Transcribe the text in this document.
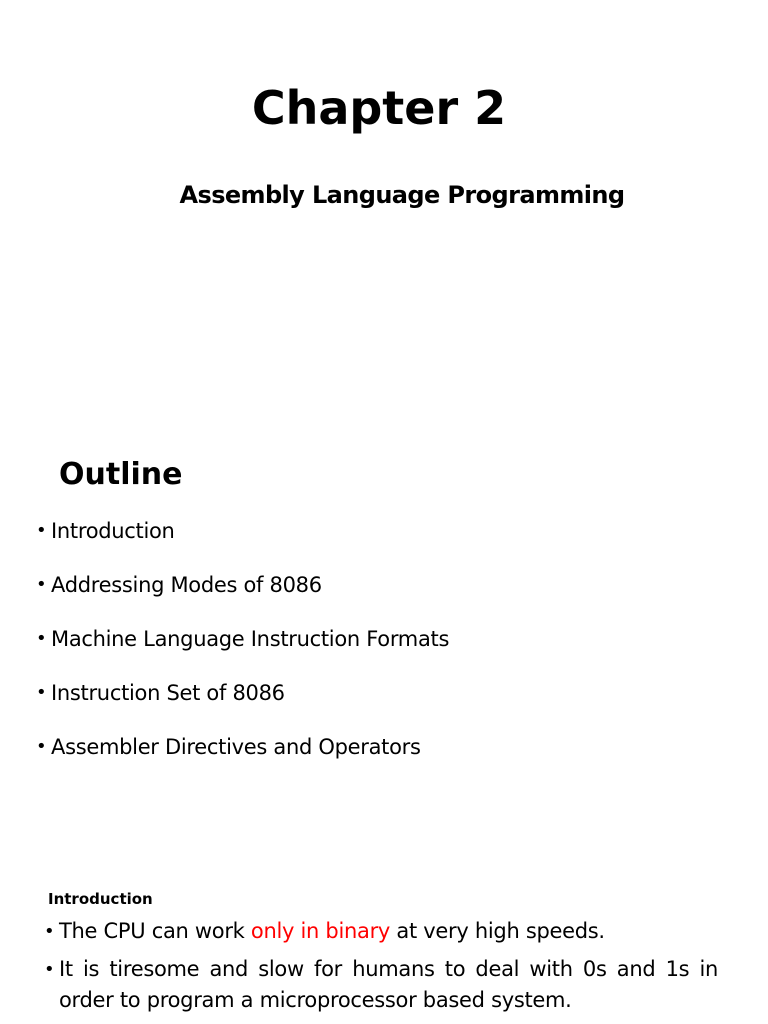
Chapter 2
Assembly Language Programming
Outline
• Introduction
• Addressing Modes of 8086
• Machine Language Instruction Formats
• Instruction Set of 8086
• Assembler Directives and Operators
Introduction
• The CPU can work only in binary at very high speeds.
• It is tiresome and slow for humans to deal with 0s and 1s in order to program a microprocessor based system.
